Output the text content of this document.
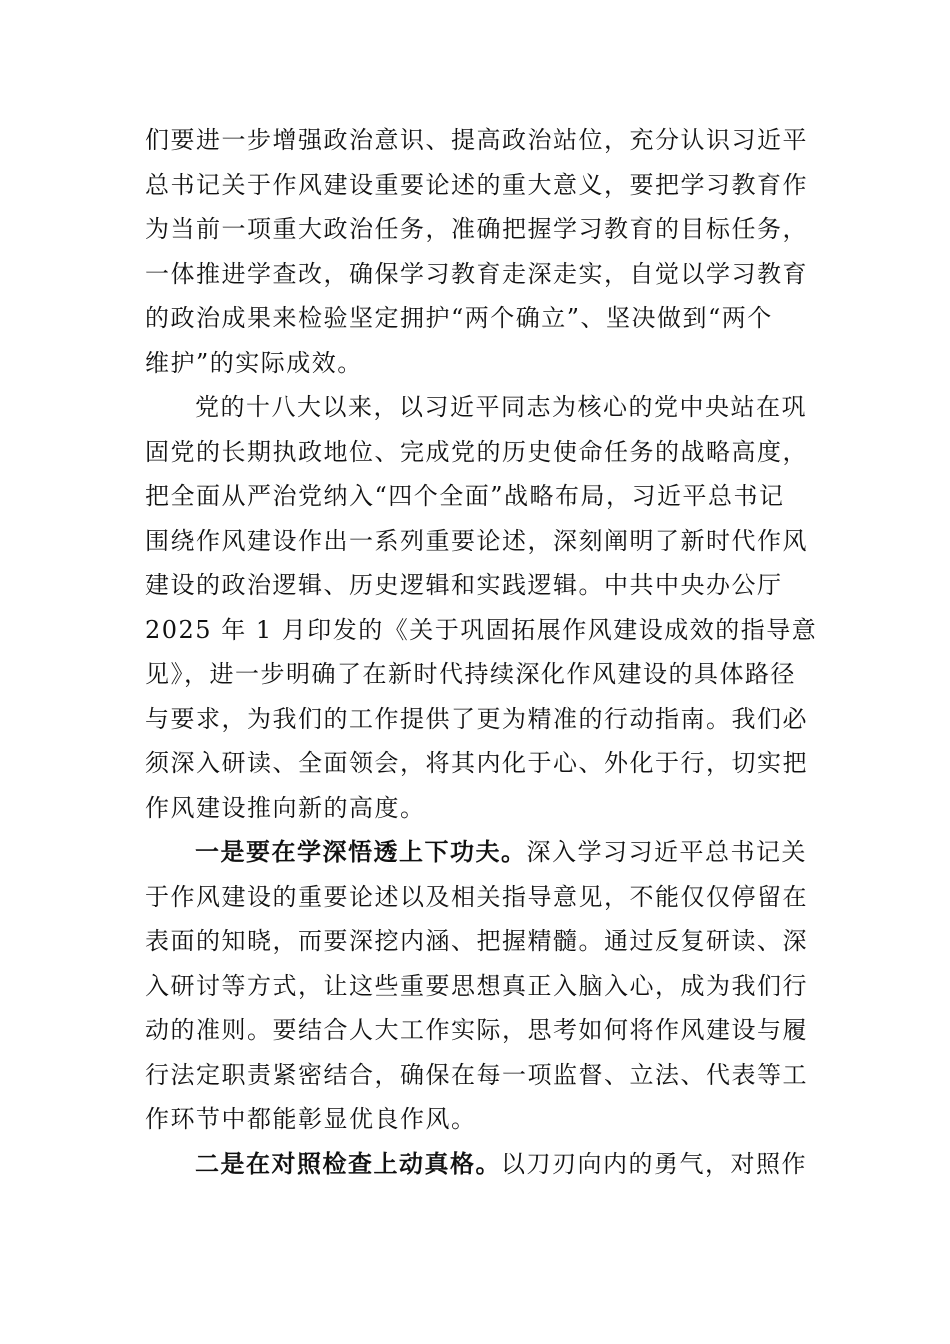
们要进一步增强政治意识、提高政治站位，充分认识习近平
总书记关于作风建设重要论述的重大意义，要把学习教育作
为当前一项重大政治任务，准确把握学习教育的目标任务，
一体推进学查改，确保学习教育走深走实，自觉以学习教育
的政治成果来检验坚定拥护“两个确立”、坚决做到“两个
维护”的实际成效。

党的十八大以来，以习近平同志为核心的党中央站在巩
固党的长期执政地位、完成党的历史使命任务的战略高度，
把全面从严治党纳入“四个全面”战略布局，习近平总书记
围绕作风建设作出一系列重要论述，深刻阐明了新时代作风
建设的政治逻辑、历史逻辑和实践逻辑。中共中央办公厅
2025 年 1 月印发的《关于巩固拓展作风建设成效的指导意
见》，进一步明确了在新时代持续深化作风建设的具体路径
与要求，为我们的工作提供了更为精准的行动指南。我们必
须深入研读、全面领会，将其内化于心、外化于行，切实把
作风建设推向新的高度。

一是要在学深悟透上下功夫。深入学习习近平总书记关
于作风建设的重要论述以及相关指导意见，不能仅仅停留在
表面的知晓，而要深挖内涵、把握精髓。通过反复研读、深
入研讨等方式，让这些重要思想真正入脑入心，成为我们行
动的准则。要结合人大工作实际，思考如何将作风建设与履
行法定职责紧密结合，确保在每一项监督、立法、代表等工
作环节中都能彰显优良作风。

二是在对照检查上动真格。以刀刃向内的勇气，对照作
